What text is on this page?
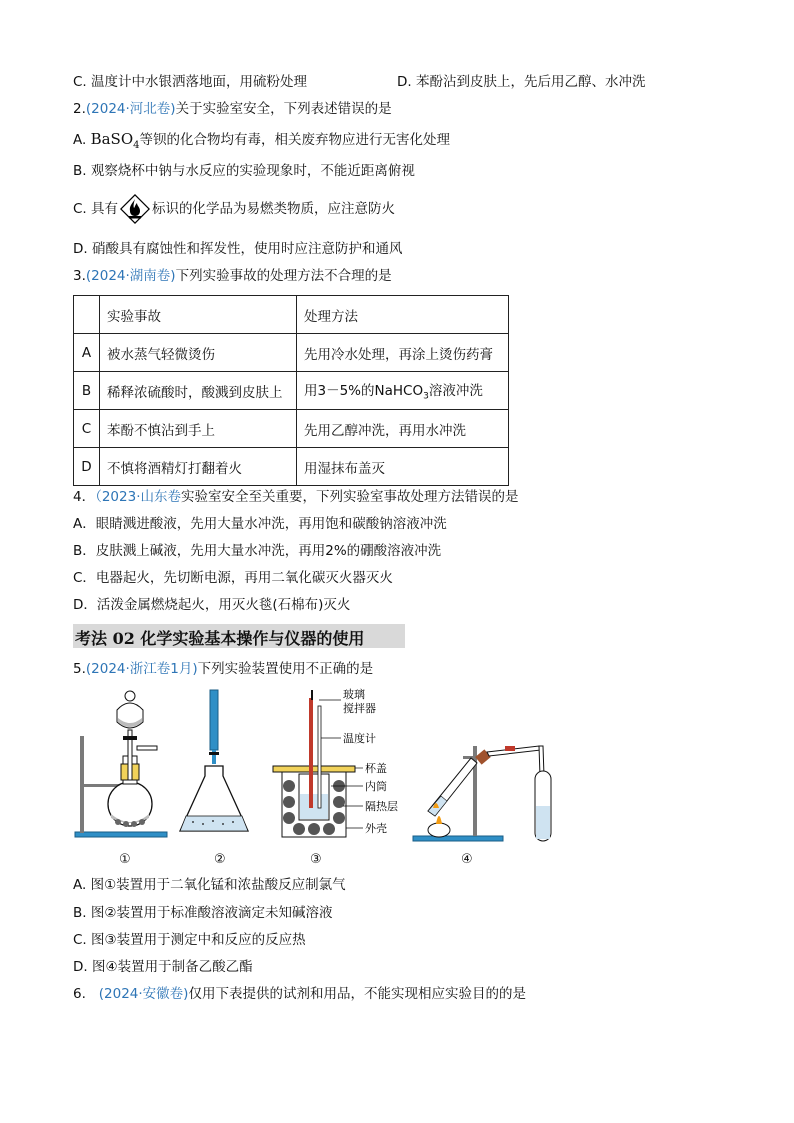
C. 温度计中水银洒落地面，用硫粉处理	D. 苯酚沾到皮肤上，先后用乙醇、水冲洗
2.(2024·河北卷)关于实验室安全，下列表述错误的是
A. BaSO$_4$等钡的化合物均有毒，相关废弃物应进行无害化处理
B. 观察烧杯中钠与水反应的实验现象时，不能近距离俯视
C. 具有	标识的化学品为易燃类物质，应注意防火
D. 硝酸具有腐蚀性和挥发性，使用时应注意防护和通风
3.(2024·湖南卷)下列实验事故的处理方法不合理的是
	实验事故	处理方法
A	被水蒸气轻微烫伤	先用冷水处理，再涂上烫伤药膏
B	稀释浓硫酸时，酸溅到皮肤上	用3－5%的NaHCO$_3$溶液冲洗
C	苯酚不慎沾到手上	先用乙醇冲洗，再用水冲洗
D	不慎将酒精灯打翻着火	用湿抹布盖灭
4．（2023·山东卷实验室安全至关重要，下列实验室事故处理方法错误的是
A．眼睛溅进酸液，先用大量水冲洗，再用饱和碳酸钠溶液冲洗
B．皮肤溅上碱液，先用大量水冲洗，再用2%的硼酸溶液冲洗
C．电器起火，先切断电源，再用二氧化碳灭火器灭火
D．活泼金属燃烧起火，用灭火毯(石棉布)灭火
考法 02 化学实验基本操作与仪器的使用
5.(2024·浙江卷1月)下列实验装置使用不正确的是
玻璃
搅拌器
温度计
杯盖
内筒
隔热层
外壳
①	②	③	④
A. 图①装置用于二氧化锰和浓盐酸反应制氯气
B. 图②装置用于标准酸溶液滴定未知碱溶液
C. 图③装置用于测定中和反应的反应热
D. 图④装置用于制备乙酸乙酯
6. (2024·安徽卷)仅用下表提供的试剂和用品，不能实现相应实验目的的是
